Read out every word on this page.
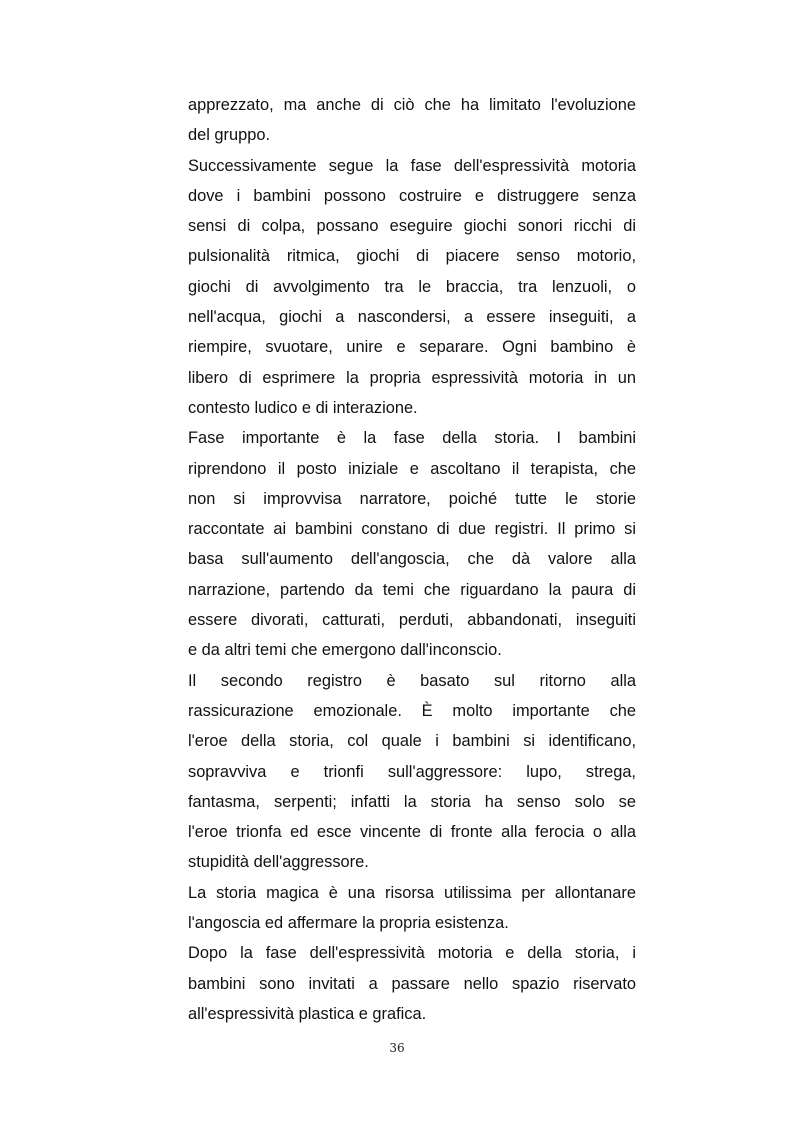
apprezzato, ma anche di ciò che ha limitato l'evoluzione
del gruppo.

Successivamente segue la fase dell'espressività motoria
dove i bambini possono costruire e distruggere senza
sensi di colpa, possano eseguire giochi sonori ricchi di
pulsionalità ritmica, giochi di piacere senso motorio,
giochi di avvolgimento tra le braccia, tra lenzuoli, o
nell'acqua, giochi a nascondersi, a essere inseguiti, a
riempire, svuotare, unire e separare. Ogni bambino è
libero di esprimere la propria espressività motoria in un
contesto ludico e di interazione.

Fase importante è la fase della storia. I bambini
riprendono il posto iniziale e ascoltano il terapista, che
non si improvvisa narratore, poiché tutte le storie
raccontate ai bambini constano di due registri. Il primo si
basa sull'aumento dell'angoscia, che dà valore alla
narrazione, partendo da temi che riguardano la paura di
essere divorati, catturati, perduti, abbandonati, inseguiti
e da altri temi che emergono dall'inconscio.

Il secondo registro è basato sul ritorno alla
rassicurazione emozionale. È molto importante che
l'eroe della storia, col quale i bambini si identificano,
sopravviva e trionfi sull'aggressore: lupo, strega,
fantasma, serpenti; infatti la storia ha senso solo se
l'eroe trionfa ed esce vincente di fronte alla ferocia o alla
stupidità dell'aggressore.

La storia magica è una risorsa utilissima per allontanare
l'angoscia ed affermare la propria esistenza.

Dopo la fase dell'espressività motoria e della storia, i
bambini sono invitati a passare nello spazio riservato
all'espressività plastica e grafica.

36
